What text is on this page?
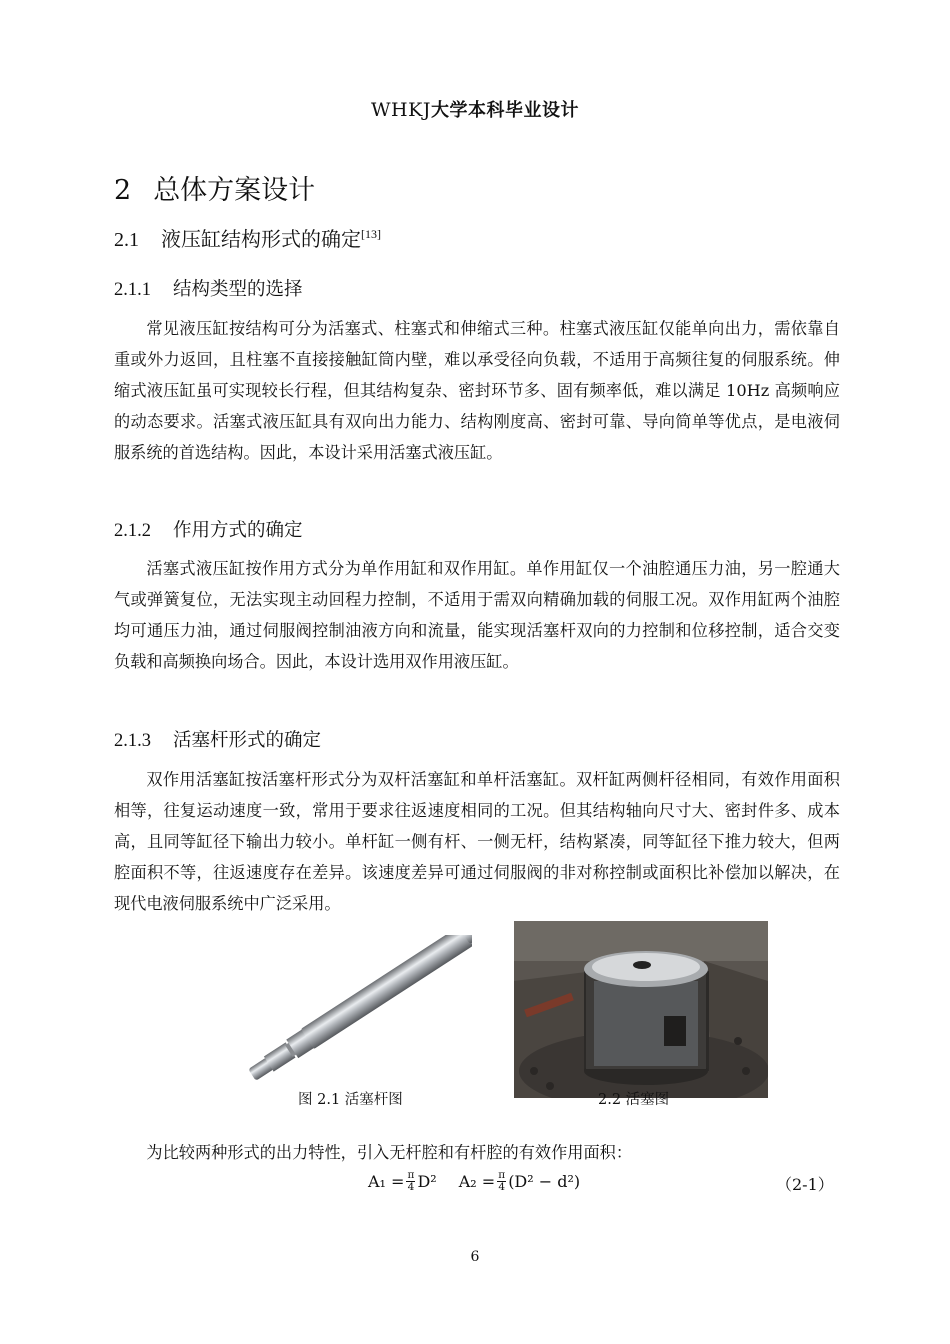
WHKJ大学本科毕业设计
2 总体方案设计
2.1 液压缸结构形式的确定[13]
2.1.1 结构类型的选择
常见液压缸按结构可分为活塞式、柱塞式和伸缩式三种。柱塞式液压缸仅能单向出力，需依靠自重或外力返回，且柱塞不直接接触缸筒内壁，难以承受径向负载，不适用于高频往复的伺服系统。伸缩式液压缸虽可实现较长行程，但其结构复杂、密封环节多、固有频率低，难以满足 10Hz 高频响应的动态要求。活塞式液压缸具有双向出力能力、结构刚度高、密封可靠、导向简单等优点，是电液伺服系统的首选结构。因此，本设计采用活塞式液压缸。
2.1.2 作用方式的确定
活塞式液压缸按作用方式分为单作用缸和双作用缸。单作用缸仅一个油腔通压力油，另一腔通大气或弹簧复位，无法实现主动回程力控制，不适用于需双向精确加载的伺服工况。双作用缸两个油腔均可通压力油，通过伺服阀控制油液方向和流量，能实现活塞杆双向的力控制和位移控制，适合交变负载和高频换向场合。因此，本设计选用双作用液压缸。
2.1.3 活塞杆形式的确定
双作用活塞缸按活塞杆形式分为双杆活塞缸和单杆活塞缸。双杆缸两侧杆径相同，有效作用面积相等，往复运动速度一致，常用于要求往返速度相同的工况。但其结构轴向尺寸大、密封件多、成本高，且同等缸径下输出力较小。单杆缸一侧有杆、一侧无杆，结构紧凑，同等缸径下推力较大，但两腔面积不等，往返速度存在差异。该速度差异可通过伺服阀的非对称控制或面积比补偿加以解决，在现代电液伺服系统中广泛采用。
图 2.1 活塞杆图	2.2 活塞图
为比较两种形式的出力特性，引入无杆腔和有杆腔的有效作用面积：
$A_1 = \frac{\pi}{4} D^2$ $A_2 = \frac{\pi}{4} (D^2 - d^2)$	（2-1）
6
